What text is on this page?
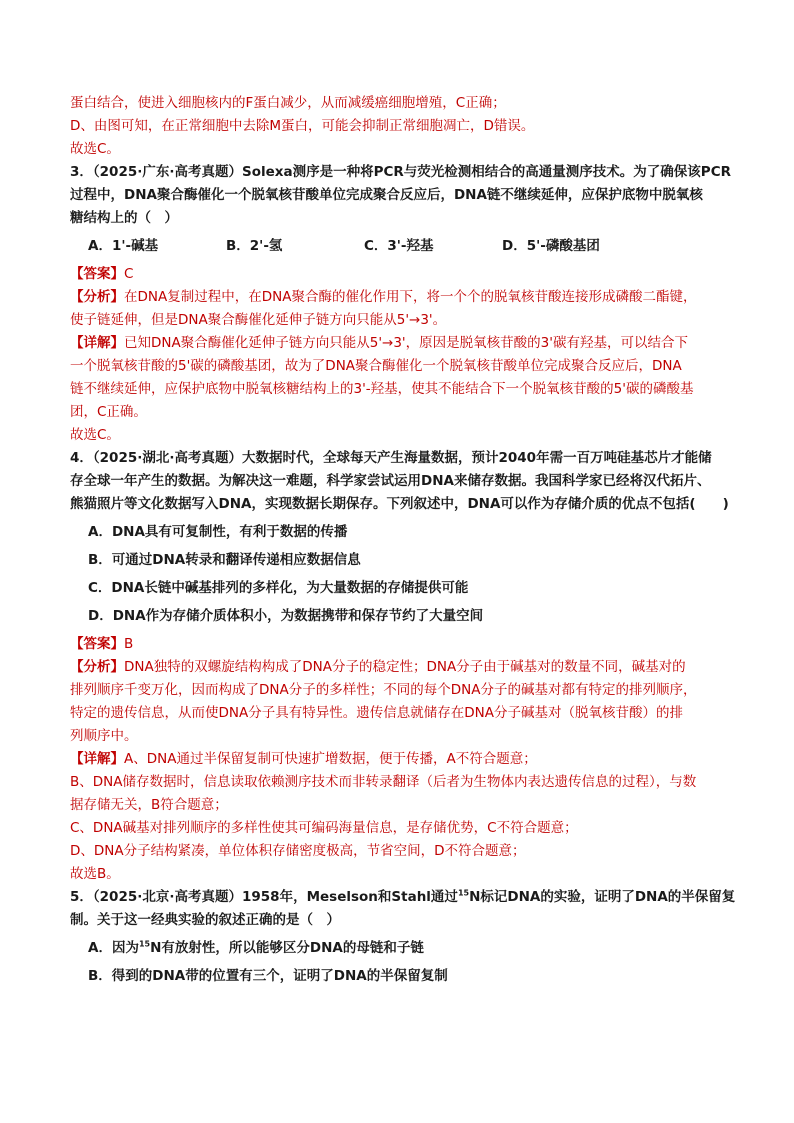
蛋白结合，使进入细胞核内的F蛋白减少，从而减缓癌细胞增殖，C正确；
D、由图可知，在正常细胞中去除M蛋白，可能会抑制正常细胞凋亡，D错误。
故选C。
3．（2025·广东·高考真题）Solexa测序是一种将PCR与荧光检测相结合的高通量测序技术。为了确保该PCR
过程中，DNA聚合酶催化一个脱氧核苷酸单位完成聚合反应后，DNA链不继续延伸，应保护底物中脱氧核
糖结构上的（　）
A．1'-碱基	B．2'-氢	C．3'-羟基	D．5'-磷酸基团
【答案】C
【分析】在DNA复制过程中，在DNA聚合酶的催化作用下，将一个个的脱氧核苷酸连接形成磷酸二酯键，
使子链延伸，但是DNA聚合酶催化延伸子链方向只能从5'→3'。
【详解】已知DNA聚合酶催化延伸子链方向只能从5'→3'，原因是脱氧核苷酸的3'碳有羟基，可以结合下
一个脱氧核苷酸的5'碳的磷酸基团，故为了DNA聚合酶催化一个脱氧核苷酸单位完成聚合反应后，DNA
链不继续延伸，应保护底物中脱氧核糖结构上的3'-羟基，使其不能结合下一个脱氧核苷酸的5'碳的磷酸基
团，C正确。
故选C。
4．（2025·湖北·高考真题）大数据时代，全球每天产生海量数据，预计2040年需一百万吨硅基芯片才能储
存全球一年产生的数据。为解决这一难题，科学家尝试运用DNA来储存数据。我国科学家已经将汉代拓片、
熊猫照片等文化数据写入DNA，实现数据长期保存。下列叙述中，DNA可以作为存储介质的优点不包括(　　)
A．DNA具有可复制性，有利于数据的传播
B．可通过DNA转录和翻译传递相应数据信息
C．DNA长链中碱基排列的多样化，为大量数据的存储提供可能
D．DNA作为存储介质体积小，为数据携带和保存节约了大量空间
【答案】B
【分析】DNA独特的双螺旋结构构成了DNA分子的稳定性；DNA分子由于碱基对的数量不同，碱基对的
排列顺序千变万化，因而构成了DNA分子的多样性；不同的每个DNA分子的碱基对都有特定的排列顺序，
特定的遗传信息，从而使DNA分子具有特异性。遗传信息就储存在DNA分子碱基对（脱氧核苷酸）的排
列顺序中。
【详解】A、DNA通过半保留复制可快速扩增数据，便于传播，A不符合题意；
B、DNA储存数据时，信息读取依赖测序技术而非转录翻译（后者为生物体内表达遗传信息的过程），与数
据存储无关，B符合题意；
C、DNA碱基对排列顺序的多样性使其可编码海量信息，是存储优势，C不符合题意；
D、DNA分子结构紧凑，单位体积存储密度极高，节省空间，D不符合题意；
故选B。
5．（2025·北京·高考真题）1958年，Meselson和Stahl通过$^{15}$N标记DNA的实验，证明了DNA的半保留复
制。关于这一经典实验的叙述正确的是（　）
A．因为$^{15}$N有放射性，所以能够区分DNA的母链和子链
B．得到的DNA带的位置有三个，证明了DNA的半保留复制
